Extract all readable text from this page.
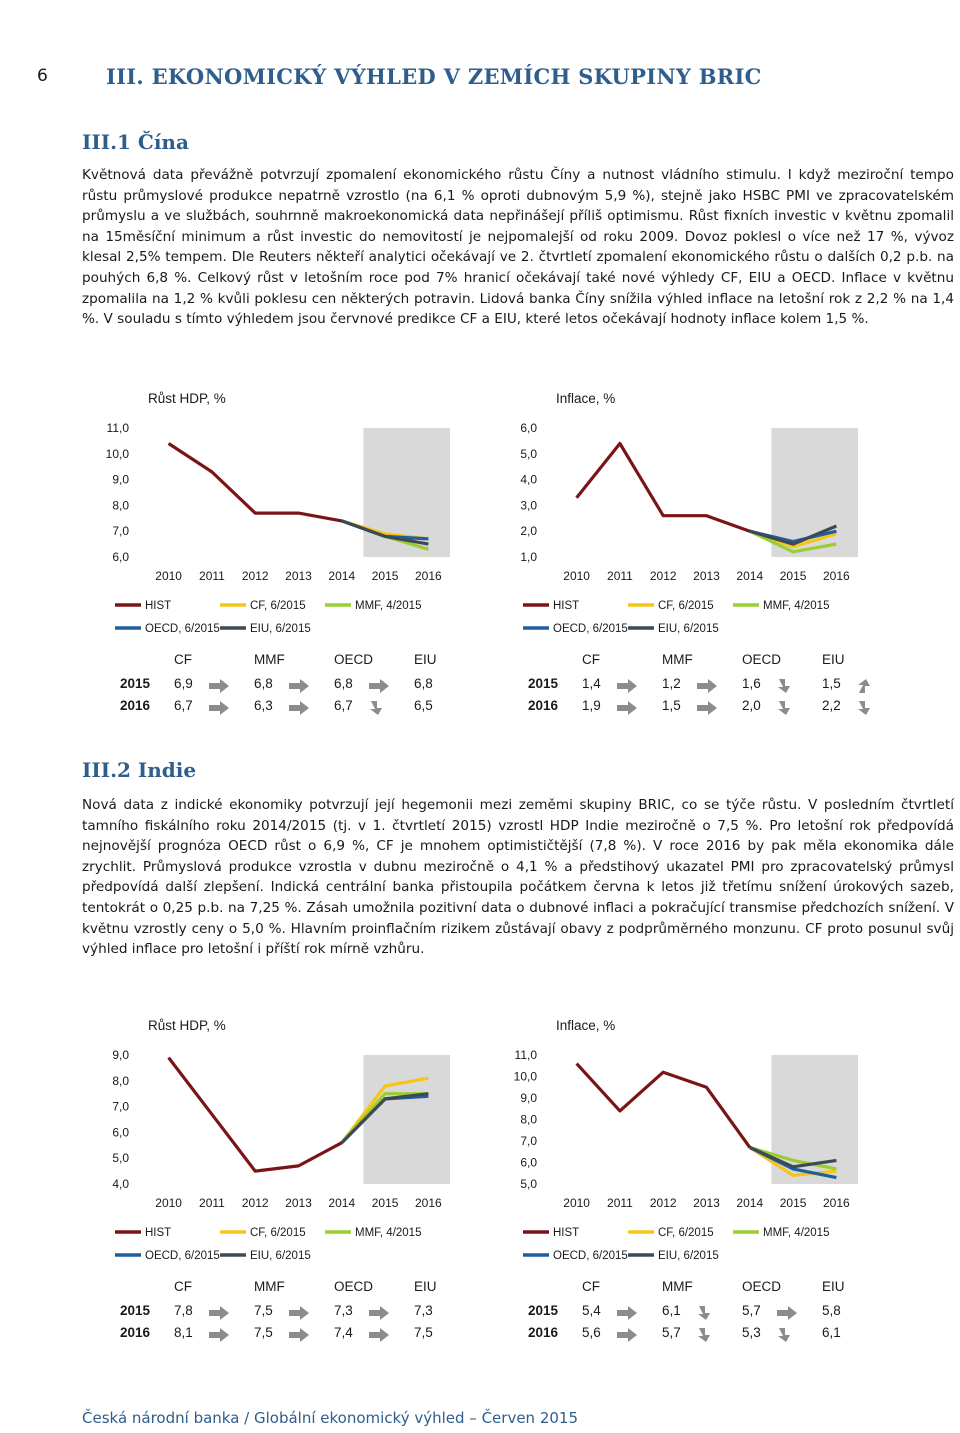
6	III. EKONOMICKÝ VÝHLED V ZEMÍCH SKUPINY BRIC
III.1 Čína
Květnová data převážně potvrzují zpomalení ekonomického růstu Číny a nutnost vládního stimulu. I když meziroční tempo růstu průmyslové produkce nepatrně vzrostlo (na 6,1 % oproti dubnovým 5,9 %), stejně jako HSBC PMI ve zpracovatelském průmyslu a ve službách, souhrnně makroekonomická data nepřinášejí příliš optimismu. Růst fixních investic v květnu zpomalil na 15měsíční minimum a růst investic do nemovitostí je nejpomalejší od roku 2009. Dovoz poklesl o více než 17 %, vývoz klesal 2,5% tempem. Dle Reuters někteří analytici očekávají ve 2. čtvrtletí zpomalení ekonomického růstu o dalších 0,2 p.b. na pouhých 6,8 %. Celkový růst v letošním roce pod 7% hranicí očekávají také nové výhledy CF, EIU a OECD. Inflace v květnu zpomalila na 1,2 % kvůli poklesu cen některých potravin. Lidová banka Číny snížila výhled inflace na letošní rok z 2,2 % na 1,4 %. V souladu s tímto výhledem jsou červnové predikce CF a EIU, které letos očekávají hodnoty inflace kolem 1,5 %.
Růst HDP, %
6,0
7,0
8,0
9,0
10,0
11,0
2010 2011 2012 2013 2014 2015 2016
HIST	CF, 6/2015	MMF, 4/2015
OECD, 6/2015	EIU, 6/2015
Inflace, %
1,0
2,0
3,0
4,0
5,0
6,0
2010 2011 2012 2013 2014 2015 2016
HIST	CF, 6/2015	MMF, 4/2015
OECD, 6/2015	EIU, 6/2015
CF	MMF	OECD	EIU
2015 6,9	6,8	6,8	6,8
2016 6,7	6,3	6,7	6,5
CF	MMF	OECD	EIU
2015 1,4	1,2	1,6	1,5
2016 1,9	1,5	2,0	2,2
III.2 Indie
Nová data z indické ekonomiky potvrzují její hegemonii mezi zeměmi skupiny BRIC, co se týče růstu. V posledním čtvrtletí tamního fiskálního roku 2014/2015 (tj. v 1. čtvrtletí 2015) vzrostl HDP Indie meziročně o 7,5 %. Pro letošní rok předpovídá nejnovější prognóza OECD růst o 6,9 %, CF je mnohem optimističtější (7,8 %). V roce 2016 by pak měla ekonomika dále zrychlit. Průmyslová produkce vzrostla v dubnu meziročně o 4,1 % a předstihový ukazatel PMI pro zpracovatelský průmysl předpovídá další zlepšení. Indická centrální banka přistoupila počátkem června k letos již třetímu snížení úrokových sazeb, tentokrát o 0,25 p.b. na 7,25 %. Zásah umožnila pozitivní data o dubnové inflaci a pokračující transmise předchozích snížení. V květnu vzrostly ceny o 5,0 %. Hlavním proinflačním rizikem zůstávají obavy z podprůměrného monzunu. CF proto posunul svůj výhled inflace pro letošní i příští rok mírně vzhůru.
Růst HDP, %
4,0
5,0
6,0
7,0
8,0
9,0
2010 2011 2012 2013 2014 2015 2016
HIST	CF, 6/2015	MMF, 4/2015
OECD, 6/2015	EIU, 6/2015
Inflace, %
5,0
6,0
7,0
8,0
9,0
10,0
11,0
2010 2011 2012 2013 2014 2015 2016
HIST	CF, 6/2015	MMF, 4/2015
OECD, 6/2015	EIU, 6/2015
CF	MMF	OECD	EIU
2015 7,8	7,5	7,3	7,3
2016 8,1	7,5	7,4	7,5
CF	MMF	OECD	EIU
2015 5,4	6,1	5,7	5,8
2016 5,6	5,7	5,3	6,1
Česká národní banka / Globální ekonomický výhled – Červen 2015
